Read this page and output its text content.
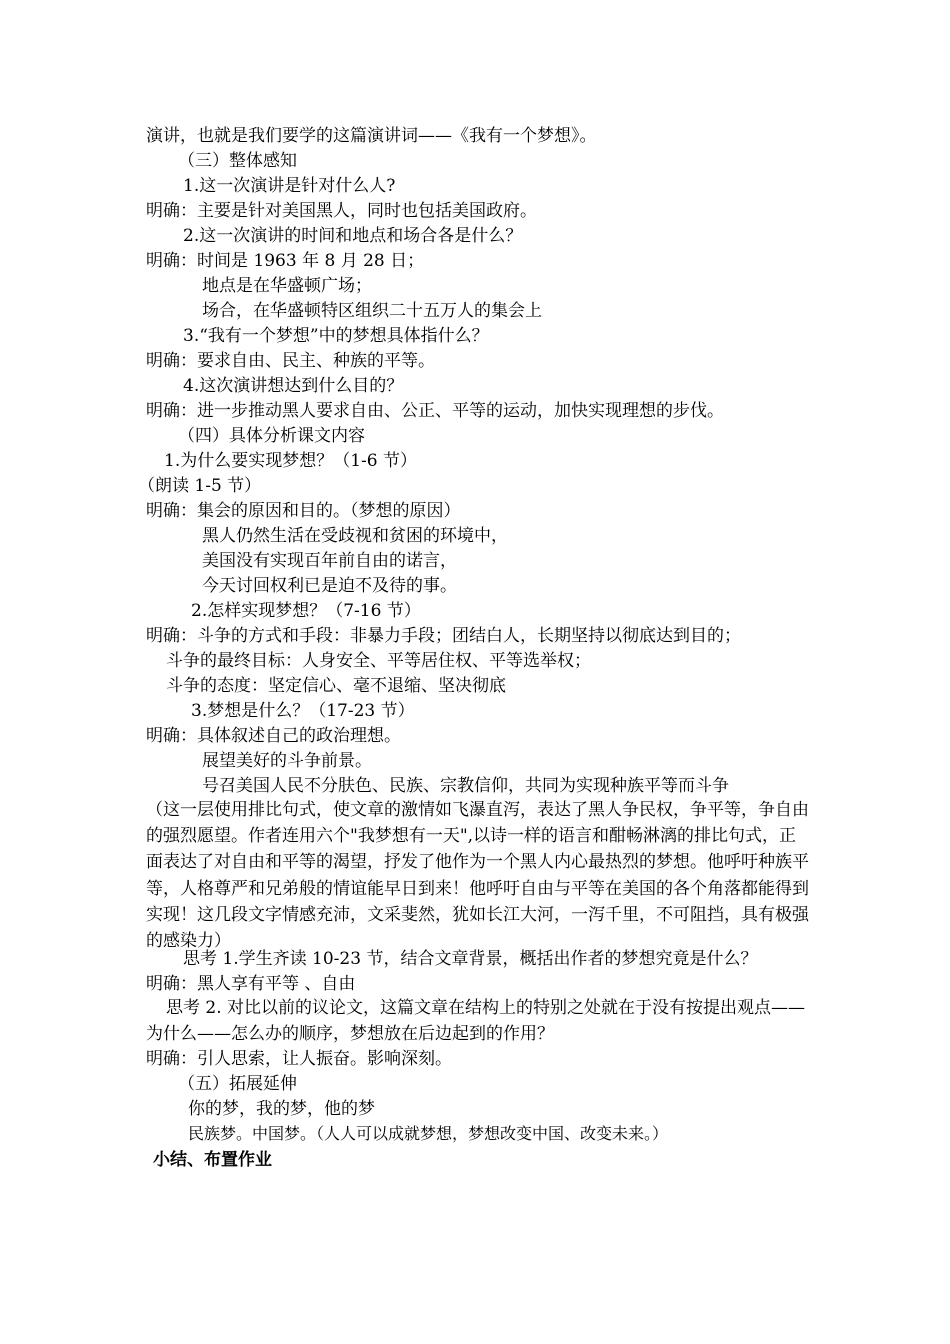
演讲，也就是我们要学的这篇演讲词——《我有一个梦想》。
（三）整体感知
1.这一次演讲是针对什么人?
明确：主要是针对美国黑人，同时也包括美国政府。
2.这一次演讲的时间和地点和场合各是什么？
明确：时间是 1963 年 8 月 28 日；
地点是在华盛顿广场；
场合，在华盛顿特区组织二十五万人的集会上
3.“我有一个梦想”中的梦想具体指什么？
明确：要求自由、民主、种族的平等。
4.这次演讲想达到什么目的？
明确：进一步推动黑人要求自由、公正、平等的运动，加快实现理想的步伐。
（四）具体分析课文内容
1.为什么要实现梦想？（1-6 节）
（朗读 1-5 节）
明确：集会的原因和目的。（梦想的原因）
黑人仍然生活在受歧视和贫困的环境中，
美国没有实现百年前自由的诺言，
今天讨回权利已是迫不及待的事。
2.怎样实现梦想？（7-16 节）
明确：斗争的方式和手段：非暴力手段；团结白人，长期坚持以彻底达到目的；
斗争的最终目标：人身安全、平等居住权、平等选举权；
斗争的态度：坚定信心、毫不退缩、坚决彻底
3.梦想是什么？（17-23 节）
明确：具体叙述自己的政治理想。
展望美好的斗争前景。
号召美国人民不分肤色、民族、宗教信仰，共同为实现种族平等而斗争
（这一层使用排比句式，使文章的激情如飞瀑直泻，表达了黑人争民权，争平等，争自由的强烈愿望。作者连用六个"我梦想有一天",以诗一样的语言和酣畅淋漓的排比句式，正面表达了对自由和平等的渴望，抒发了他作为一个黑人内心最热烈的梦想。他呼吁种族平等，人格尊严和兄弟般的情谊能早日到来！他呼吁自由与平等在美国的各个角落都能得到实现！这几段文字情感充沛，文采斐然，犹如长江大河，一泻千里，不可阻挡，具有极强的感染力）
思考 1.学生齐读 10-23 节，结合文章背景，概括出作者的梦想究竟是什么？
明确：黑人享有平等 、自由
思考 2. 对比以前的议论文，这篇文章在结构上的特别之处就在于没有按提出观点——为什么——怎么办的顺序，梦想放在后边起到的作用？
明确：引人思索，让人振奋。影响深刻。
（五）拓展延伸
你的梦，我的梦，他的梦
民族梦。中国梦。（人人可以成就梦想，梦想改变中国、改变未来。）
小结、布置作业
